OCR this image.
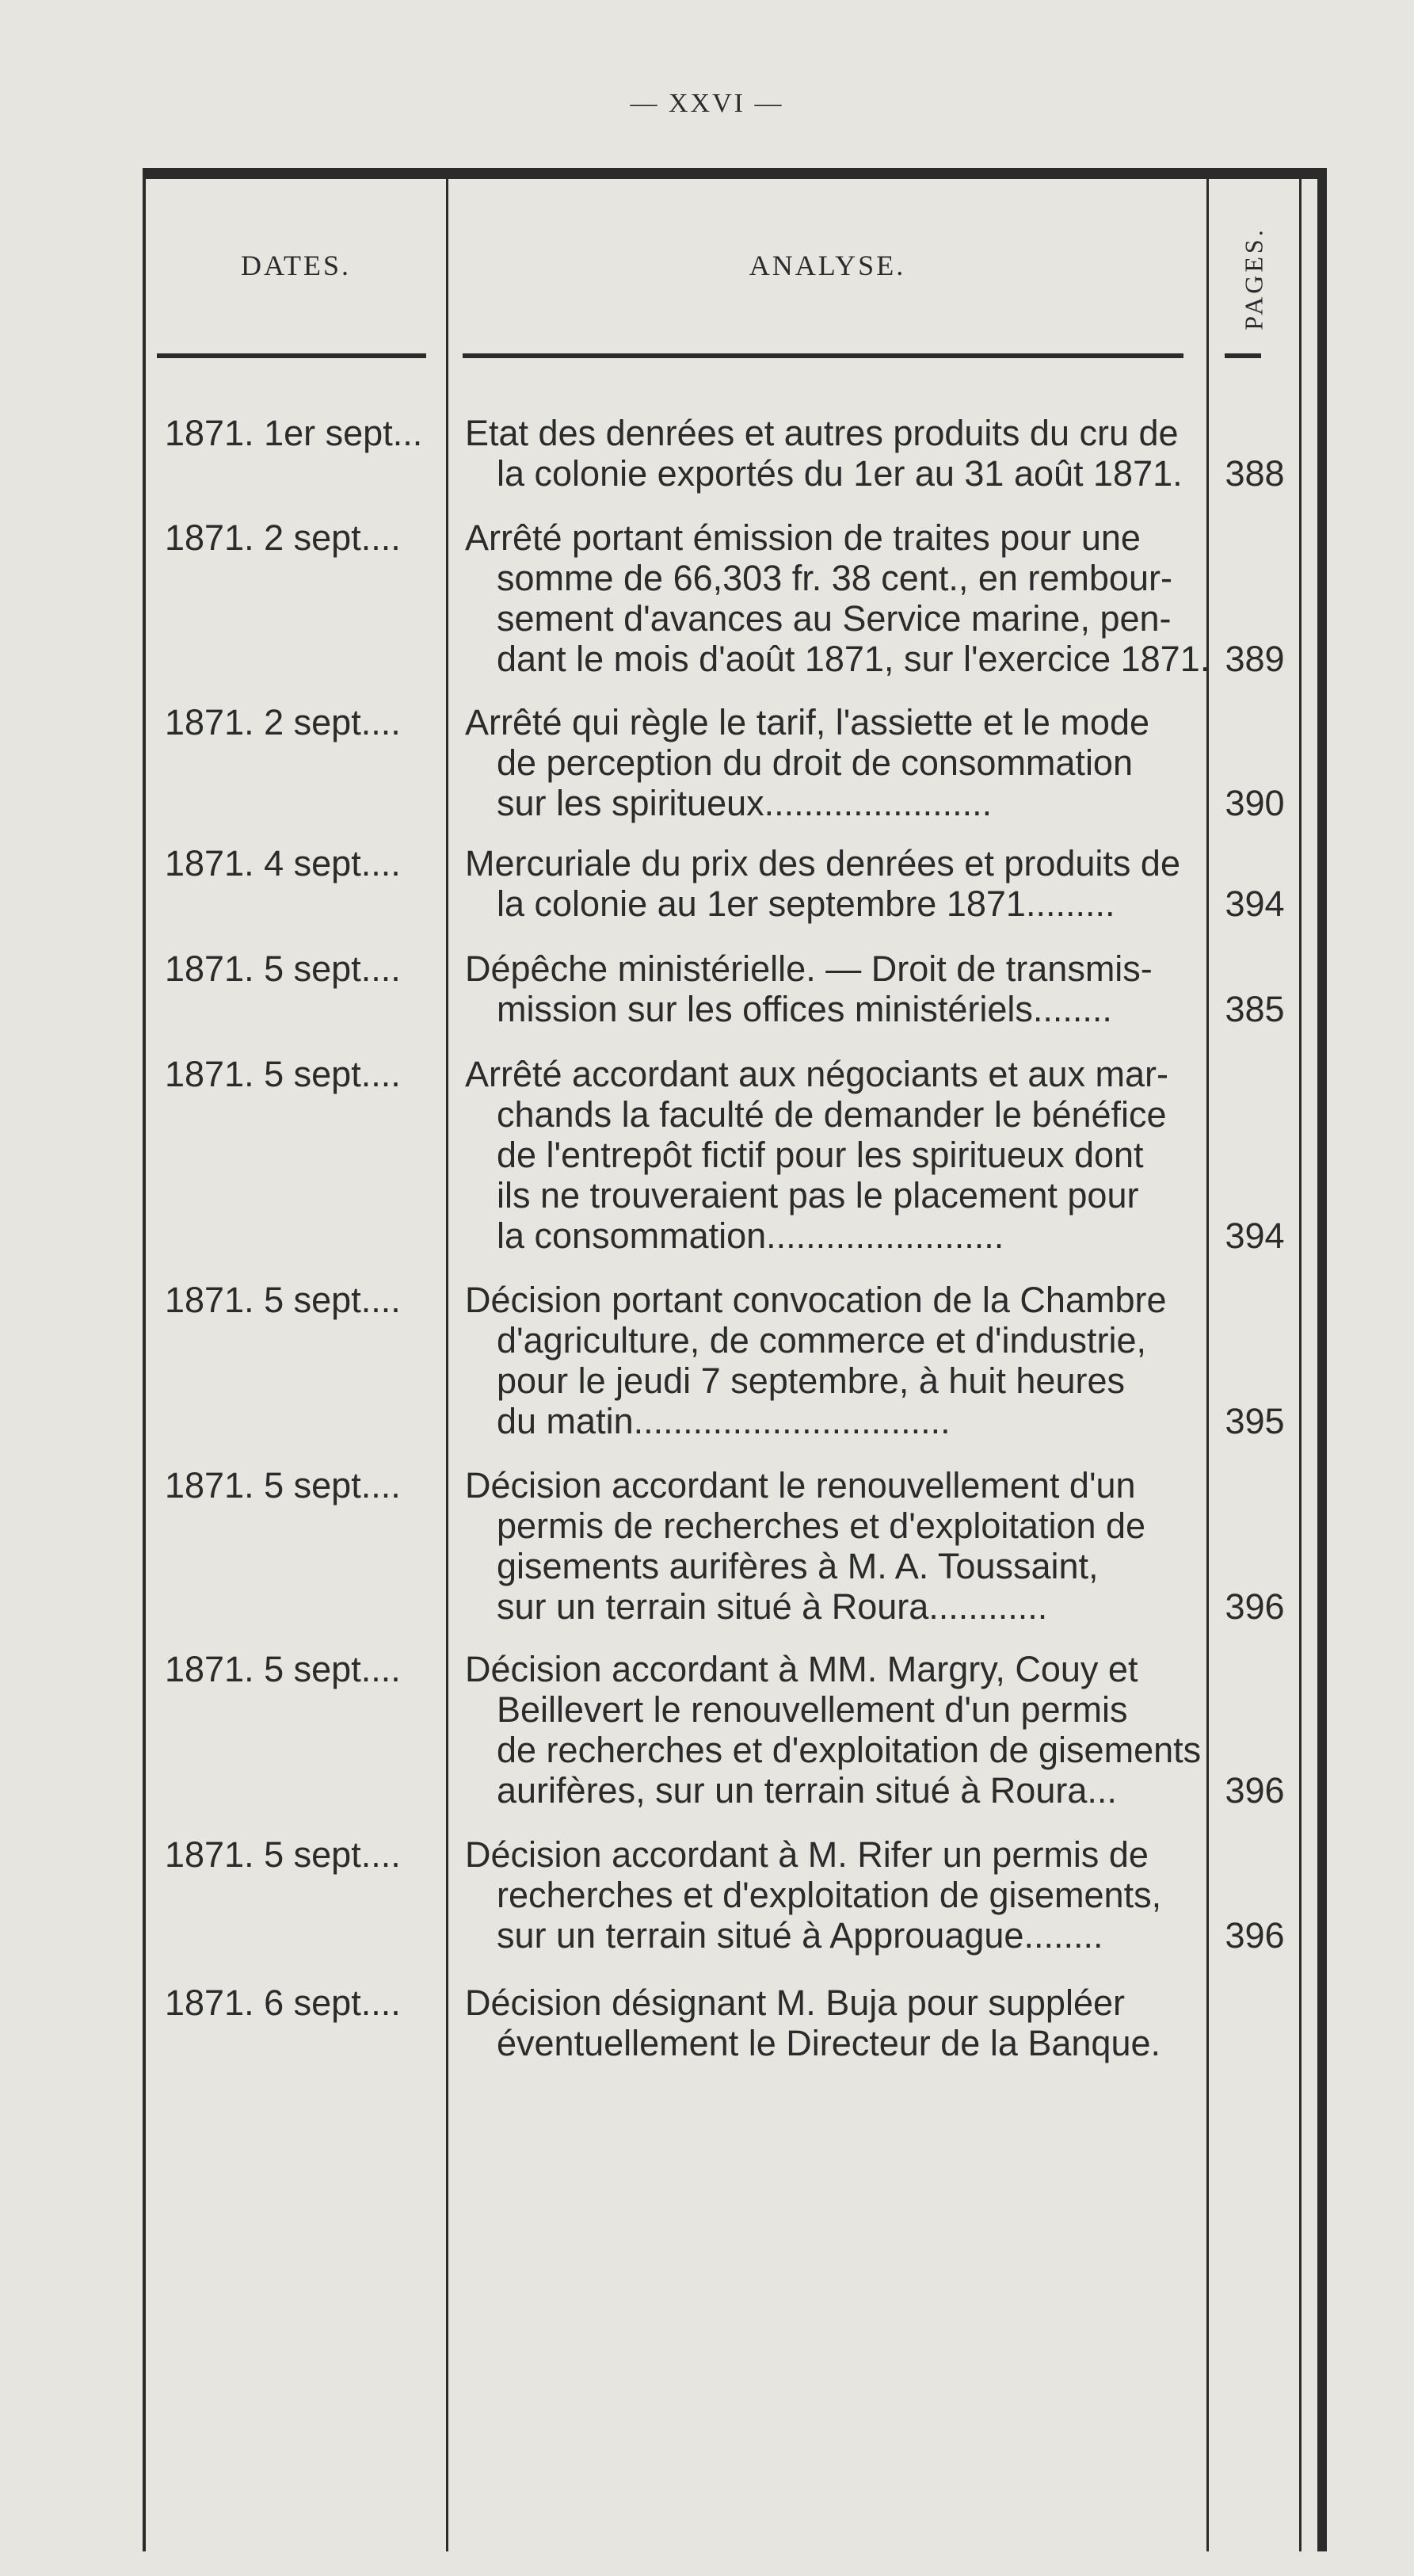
— XXVI —
DATES.	ANALYSE.	PAGES.
1871. 1er sept...	Etat des denrées et autres produits du cru de
la colonie exportés du 1er au 31 août 1871.	388
1871. 2 sept....	Arrêté portant émission de traites pour une
somme de 66,303 fr. 38 cent., en rembour-
sement d'avances au Service marine, pen-
dant le mois d'août 1871, sur l'exercice 1871. 389
1871. 2 sept....	Arrêté qui règle le tarif, l'assiette et le mode
de perception du droit de consommation
sur les spiritueux.......................	390
1871. 4 sept....	Mercuriale du prix des denrées et produits de
la colonie au 1er septembre 1871.........	394
1871. 5 sept....	Dépêche ministérielle. — Droit de transmis-
mission sur les offices ministériels........	385
1871. 5 sept....	Arrêté accordant aux négociants et aux mar-
chands la faculté de demander le bénéfice
de l'entrepôt fictif pour les spiritueux dont
ils ne trouveraient pas le placement pour
la consommation........................	394
1871. 5 sept....	Décision portant convocation de la Chambre
d'agriculture, de commerce et d'industrie,
pour le jeudi 7 septembre, à huit heures
du matin................................	395
1871. 5 sept....	Décision accordant le renouvellement d'un
permis de recherches et d'exploitation de
gisements aurifères à M. A. Toussaint,
sur un terrain situé à Roura............	396
1871. 5 sept....	Décision accordant à MM. Margry, Couy et
Beillevert le renouvellement d'un permis
de recherches et d'exploitation de gisements
aurifères, sur un terrain situé à Roura...	396
1871. 5 sept....	Décision accordant à M. Rifer un permis de
recherches et d'exploitation de gisements,
sur un terrain situé à Approuague........	396
1871. 6 sept....	Décision désignant M. Buja pour suppléer
éventuellement le Directeur de la Banque.
